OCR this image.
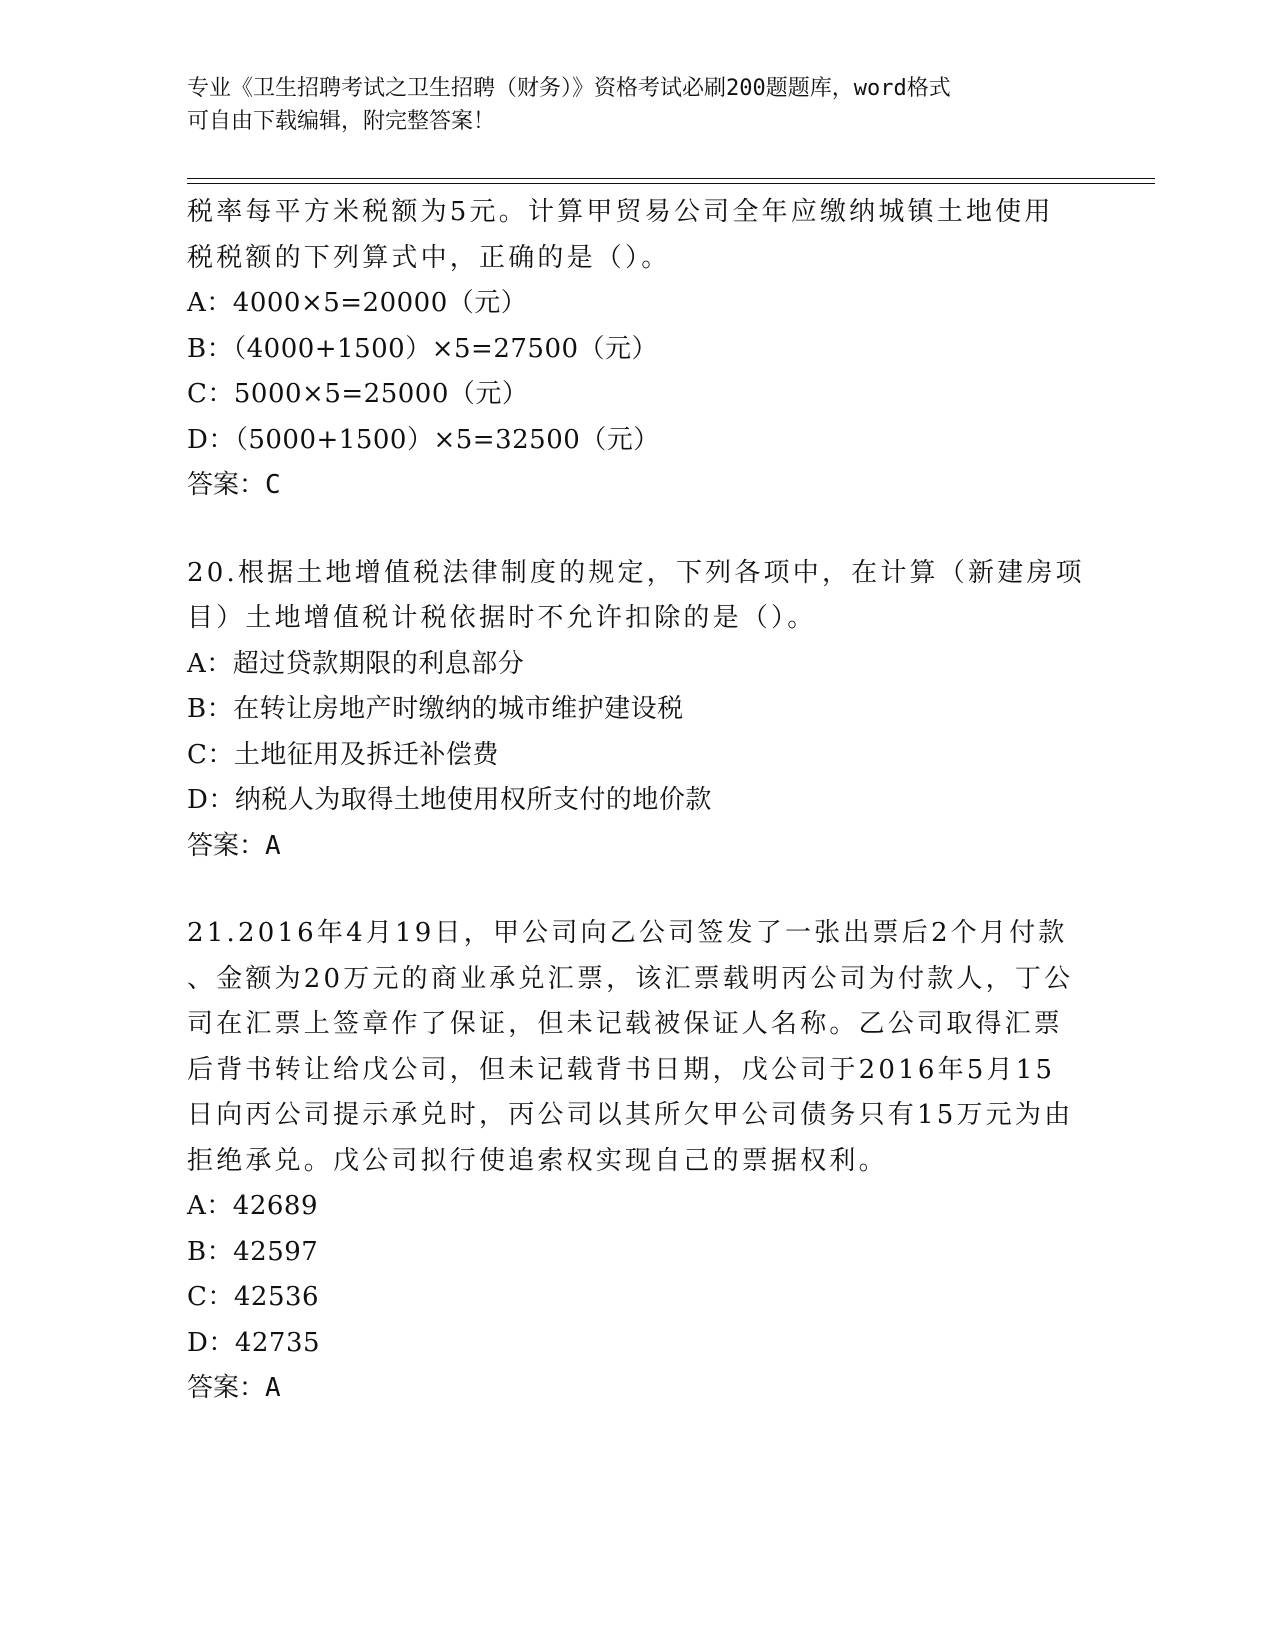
专业《卫生招聘考试之卫生招聘（财务）》资格考试必刷200题题库，word格式
可自由下载编辑，附完整答案！

税率每平方米税额为5元。计算甲贸易公司全年应缴纳城镇土地使用

税税额的下列算式中，正确的是（）。

A：4000×5=20000（元）

B：（4000+1500）×5=27500（元）

C：5000×5=25000（元）

D：（5000+1500）×5=32500（元）

答案：C

20.根据土地增值税法律制度的规定，下列各项中，在计算（新建房项

目）土地增值税计税依据时不允许扣除的是（）。

A：超过贷款期限的利息部分

B：在转让房地产时缴纳的城市维护建设税

C：土地征用及拆迁补偿费

D：纳税人为取得土地使用权所支付的地价款

答案：A

21.2016年4月19日，甲公司向乙公司签发了一张出票后2个月付款

、金额为20万元的商业承兑汇票，该汇票载明丙公司为付款人，丁公

司在汇票上签章作了保证，但未记载被保证人名称。乙公司取得汇票

后背书转让给戊公司，但未记载背书日期，戊公司于2016年5月15

日向丙公司提示承兑时，丙公司以其所欠甲公司债务只有15万元为由

拒绝承兑。戊公司拟行使追索权实现自己的票据权利。

A：42689

B：42597

C：42536

D：42735

答案：A
